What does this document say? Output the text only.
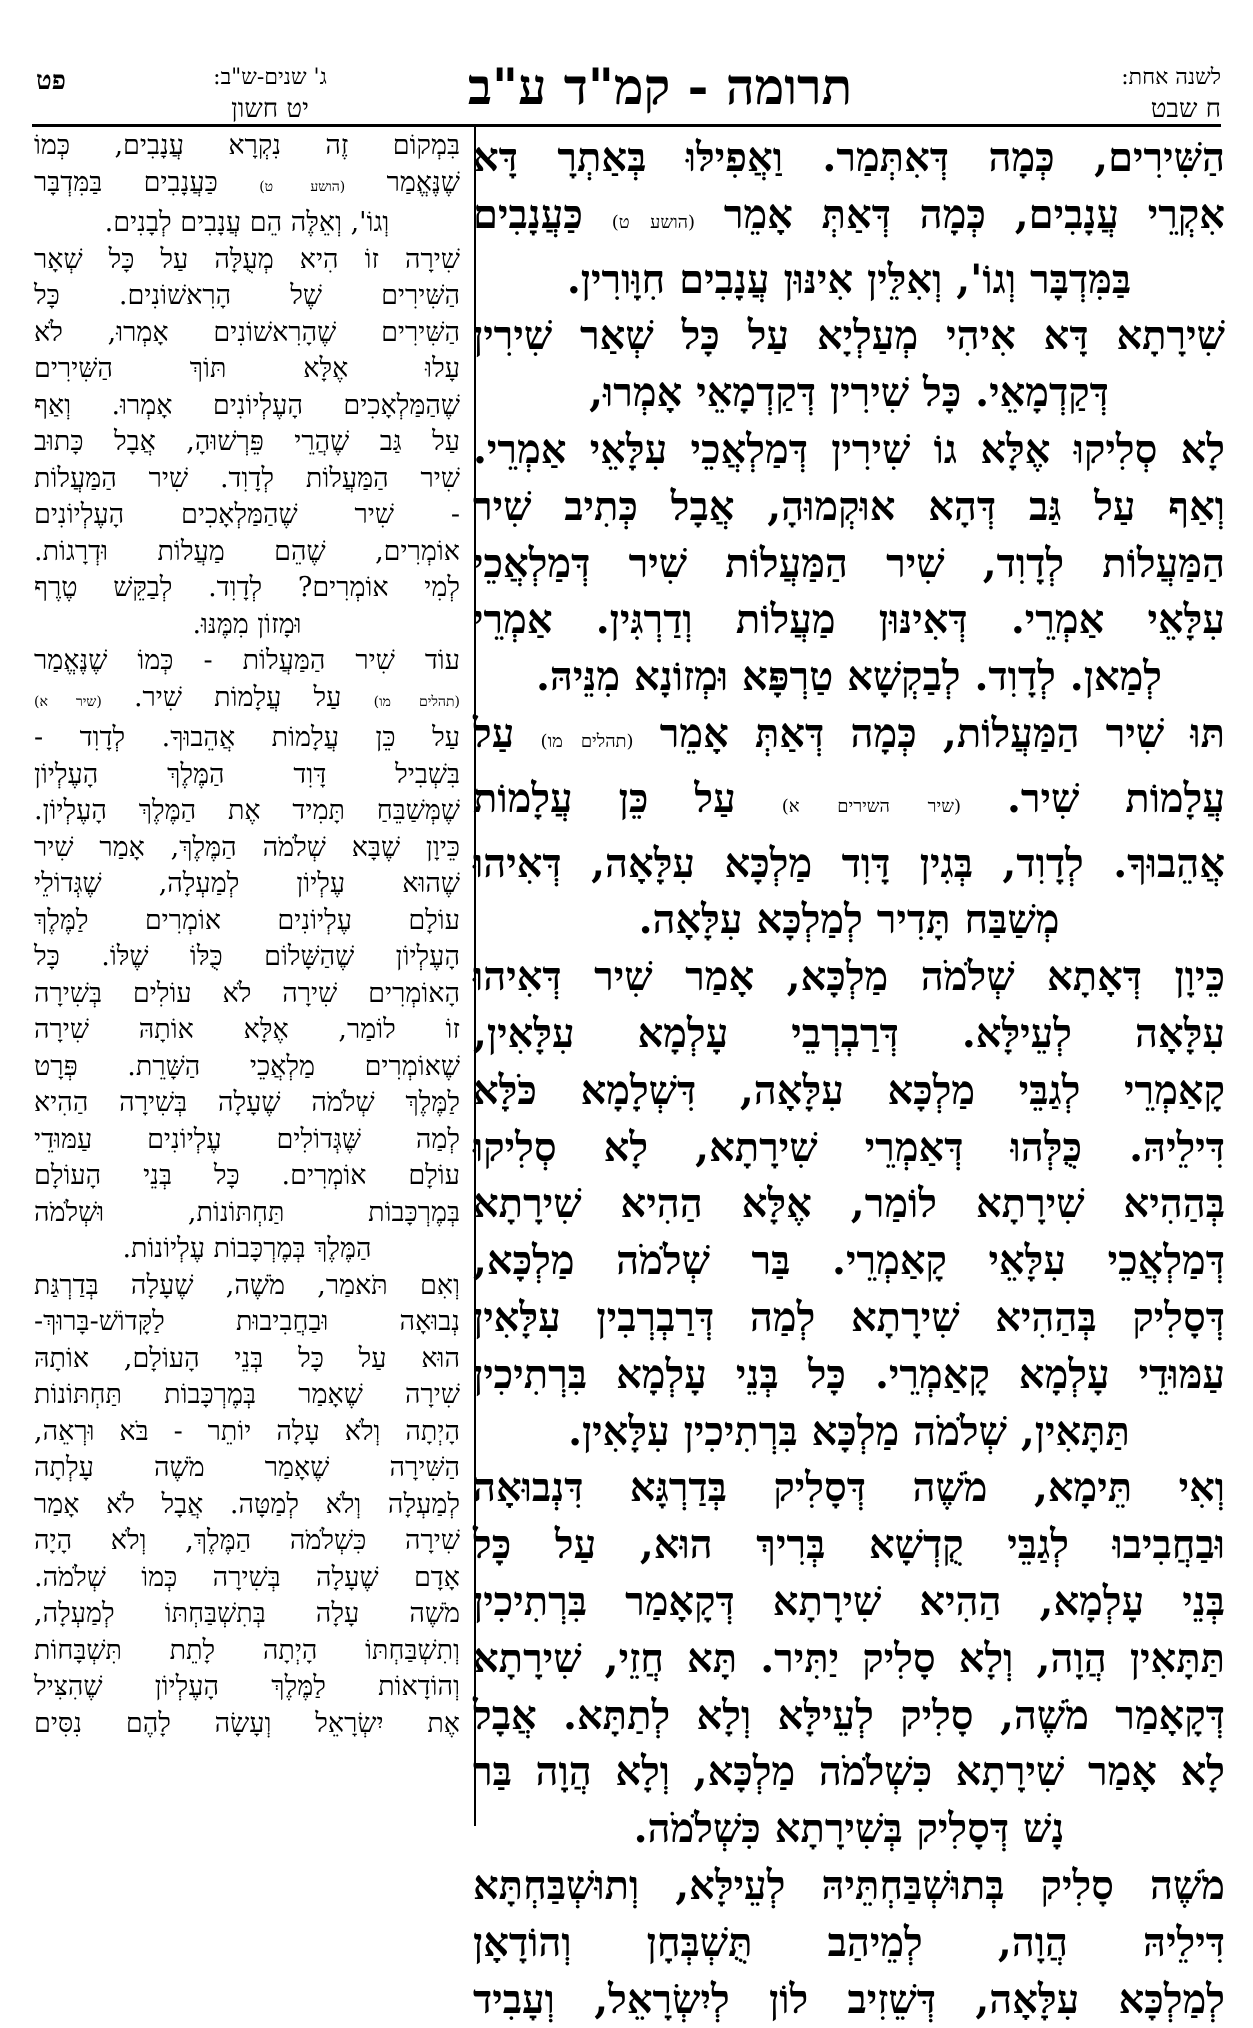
לשנה אחת:
ח שבט
תרומה - קמ"ד ע"ב
ג' שנים-ש"ב:
יט חשון
פט

הַשִּׁירִים, כְּמָה דְּאִתְּמַר. וַאֲפִילּוּ בְּאַתְרָ דָּא

אִקְרֵי עֲנָבִים, כְּמָה דְּאַתְּ אָמֵר (הושע ט) כַּעֲנָבִים

בַּמִּדְבָּר וְגוֹ', וְאִלֵּין אִינּוּן עֲנָבִים חִוָּורִין.

שִׁירָתָא דָּא אִיהִי מְעַלְיָא עַל כָּל שְׁאַר שִׁירִין

דְּקַדְמָאֵי. כָּל שִׁירִין דְּקַדְמָאֵי אָמְרוּ,

לָא סְלִיקוּ אֶלָּא גוֹ שִׁירִין דְּמַלְאֲכֵי עִלָּאֵי אַמְרֵי.

וְאַף עַל גַּב דְּהָא אוּקְמוּהָ, אֲבָל כְּתִיב שִׁיר

הַמַּעֲלוֹת לְדָוִד, שִׁיר הַמַּעֲלוֹת שִׁיר דְּמַלְאֲכֵי

עִלָּאֵי אַמְרֵי. דְּאִינּוּן מַעֲלוֹת וְדַרְגִּין. אַמְרֵי

לְמַאן. לְדָוִד. לְבַקְשָׁא טַרְפָּא וּמְזוֹנָא מִנֵּיהּ.

תּוּ שִׁיר הַמַּעֲלוֹת, כְּמָה דְּאַתְּ אָמֵר (תהלים מו) עַל

עֲלָמוֹת שִׁיר. (שיר השירים א) עַל כֵּן עֲלָמוֹת

אֲהֵבוּךָ. לְדָוִד, בְּגִין דָּוִד מַלְכָּא עִלָּאָה, דְּאִיהוּ

מְשַׁבַּח תָּדִיר לְמַלְכָּא עִלָּאָה.

כֵּיוָן דְּאָתָא שְׁלֹמֹה מַלְכָּא, אָמַר שִׁיר דְּאִיהוּ

עִלָּאָה לְעֵילָּא. דְּרַבְרְבֵי עָלְמָא עִלָּאִין,

קָאַמְרֵי לְגַבֵּי מַלְכָּא עִלָּאָה, דִּשְׁלָמָא כֹּלָּא

דִּילֵיהּ. כֻּלְּהוּ דְּאַמְרֵי שִׁירָתָא, לָא סְלִיקוּ

בְּהַהִיא שִׁירָתָא לוֹמַר, אֶלָּא הַהִיא שִׁירָתָא

דְּמַלְאֲכֵי עִלָּאֵי קָאַמְרֵי. בַּר שְׁלֹמֹה מַלְכָּא,

דְּסָלִיק בְּהַהִיא שִׁירָתָא לְמַה דְּרַבְרְבִין עִלָּאִין

עַמּוּדֵי עָלְמָא קָאַמְרֵי. כָּל בְּנֵי עָלְמָא בִּרְתִיכִין

תַּתָּאִין, שְׁלֹמֹה מַלְכָּא בִּרְתִיכִין עִלָּאִין.

וְאִי תֵּימָא, מֹשֶׁה דְּסָלִיק בְּדַרְגָּא דִּנְבוּאָה

וּבַחֲבִיבוּ לְגַבֵּי קֻדְשָׁא בְּרִיךְ הוּא, עַל כָּל

בְּנֵי עָלְמָא, הַהִיא שִׁירָתָא דְּקָאָמַר בִּרְתִיכִין

תַּתָּאִין הֲוָה, וְלָא סָלִיק יַתִּיר. תָּא חֲזֵי, שִׁירָתָא

דְּקָאָמַר מֹשֶׁה, סָלִיק לְעֵילָּא וְלָא לְתַתָּא. אֲבָל

לָא אָמַר שִׁירָתָא כִּשְׁלֹמֹה מַלְכָּא, וְלָא הֲוָה בַּר

נָשׁ דְּסָלִיק בְּשִׁירָתָא כִּשְׁלֹמֹה.

מֹשֶׁה סָלִיק בְּתוּשְׁבַּחְתֵּיהּ לְעֵילָּא, וְתוּשְׁבַּחְתָּא

דִּילֵיהּ הֲוָה, לְמֵיהַב תֻּשְׁבְּחָן וְהוֹדָאָן

לְמַלְכָּא עִלָּאָה, דְּשֵׁזִיב לוֹן לְיִשְׂרָאֵל, וְעָבִיד

בִּמְקוֹם זֶה נִקְרָא עֲנָבִים, כְּמוֹ

שֶׁנֶּאֱמַר (הושע ט) כַּעֲנָבִים בַּמִּדְבָּר

וְגוֹ', וְאֵלֶּה הֵם עֲנָבִים לְבָנִים.

שִׁירָה זוֹ הִיא מְעֻלָּה עַל כָּל שְׁאָר

הַשִּׁירִים שֶׁל הָרִאשׁוֹנִים. כָּל

הַשִּׁירִים שֶׁהָרִאשׁוֹנִים אָמְרוּ, לֹא

עָלוּ אֶלָּא תּוֹךְ הַשִּׁירִים

שֶׁהַמַּלְאָכִים הָעֶלְיוֹנִים אָמְרוּ. וְאַף

עַל גַּב שֶׁהֲרֵי פֵּרְשׁוּהָ, אֲבָל כָּתוּב

שִׁיר הַמַּעֲלוֹת לְדָוִד. שִׁיר הַמַּעֲלוֹת

- שִׁיר שֶׁהַמַּלְאָכִים הָעֶלְיוֹנִים

אוֹמְרִים, שֶׁהֵם מַעֲלוֹת וּדְרָגוֹת.

לְמִי אוֹמְרִים? לְדָוִד. לְבַקֵּשׁ טֶרֶף

וּמָזוֹן מִמֶּנּוּ.

עוֹד שִׁיר הַמַּעֲלוֹת - כְּמוֹ שֶׁנֶּאֱמַר

(תהלים מו) עַל עֲלָמוֹת שִׁיר. (שיר א)

עַל כֵּן עֲלָמוֹת אֲהֵבוּךָ. לְדָוִד -

בִּשְׁבִיל דָּוִד הַמֶּלֶךְ הָעֶלְיוֹן

שֶׁמְּשַׁבֵּחַ תָּמִיד אֶת הַמֶּלֶךְ הָעֶלְיוֹן.

כֵּיוָן שֶׁבָּא שְׁלֹמֹה הַמֶּלֶךְ, אָמַר שִׁיר

שֶׁהוּא עֶלְיוֹן לְמַעְלָה, שֶׁגְּדוֹלֵי

עוֹלָם עֶלְיוֹנִים אוֹמְרִים לַמֶּלֶךְ

הָעֶלְיוֹן שֶׁהַשָּׁלוֹם כֻּלּוֹ שֶׁלּוֹ. כָּל

הָאוֹמְרִים שִׁירָה לֹא עוֹלִים בְּשִׁירָה

זוֹ לוֹמַר, אֶלָּא אוֹתָהּ שִׁירָה

שֶׁאוֹמְרִים מַלְאֲכֵי הַשָּׁרֵת. פְּרָט

לַמֶּלֶךְ שְׁלֹמֹה שֶׁעָלָה בְּשִׁירָה הַהִיא

לְמַה שֶּׁגְּדוֹלִים עֶלְיוֹנִים עַמּוּדֵי

עוֹלָם אוֹמְרִים. כָּל בְּנֵי הָעוֹלָם

בְּמֶרְכָּבוֹת תַּחְתּוֹנוֹת, וּשְׁלֹמֹה

הַמֶּלֶךְ בְּמֶרְכָּבוֹת עֶלְיוֹנוֹת.

וְאִם תֹּאמַר, מֹשֶׁה, שֶׁעָלָה בְּדַרְגַּת

נְבוּאָה וּבַחֲבִיבוּת לַקָּדוֹשׁ-בָּרוּךְ-

הוּא עַל כָּל בְּנֵי הָעוֹלָם, אוֹתָהּ

שִׁירָה שֶׁאָמַר בְּמֶרְכָּבוֹת תַּחְתּוֹנוֹת

הָיְתָה וְלֹא עָלָה יוֹתֵר - בֹּא וּרְאֵה,

הַשִּׁירָה שֶׁאָמַר מֹשֶׁה עָלְתָה

לְמַעְלָה וְלֹא לְמַטָּה. אֲבָל לֹא אָמַר

שִׁירָה כִּשְׁלֹמֹה הַמֶּלֶךְ, וְלֹא הָיָה

אָדָם שֶׁעָלָה בְּשִׁירָה כְּמוֹ שְׁלֹמֹה.

מֹשֶׁה עָלָה בְּתִשְׁבַּחְתּוֹ לְמַעְלָה,

וְתִשְׁבַּחְתּוֹ הָיְתָה לָתֵת תִּשְׁבָּחוֹת

וְהוֹדָאוֹת לַמֶּלֶךְ הָעֶלְיוֹן שֶׁהִצִּיל

אֶת יִשְׂרָאֵל וְעָשָׂה לָהֶם נִסִּים
